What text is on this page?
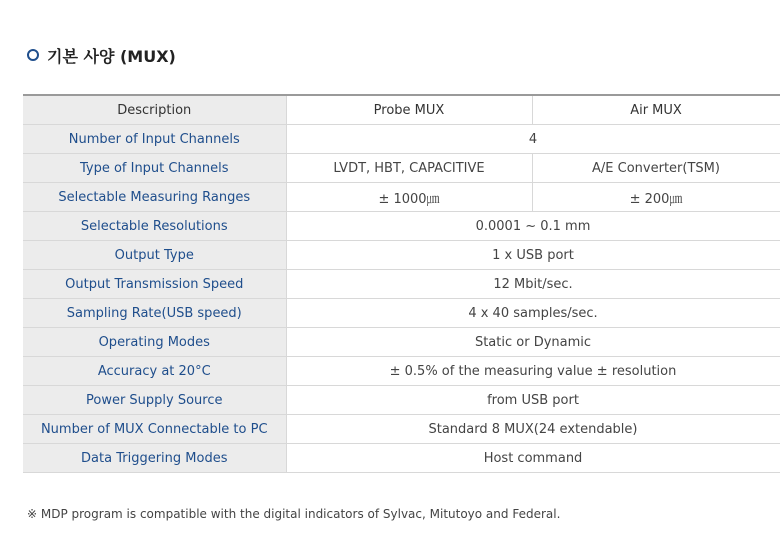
기본 사양 (MUX)
Description	Probe MUX	Air MUX
Number of Input Channels	4	
Type of Input Channels	LVDT, HBT, CAPACITIVE	A/E Converter(TSM)
Selectable Measuring Ranges	± 1000㎛	± 200㎛
Selectable Resolutions	0.0001 ~ 0.1 mm	
Output Type	1 x USB port	
Output Transmission Speed	12 Mbit/sec.	
Sampling Rate(USB speed)	4 x 40 samples/sec.	
Operating Modes	Static or Dynamic	
Accuracy at 20°C	± 0.5% of the measuring value ± resolution	
Power Supply Source	from USB port	
Number of MUX Connectable to PC	Standard 8 MUX(24 extendable)	
Data Triggering Modes	Host command	
※ MDP program is compatible with the digital indicators of Sylvac, Mitutoyo and Federal.
